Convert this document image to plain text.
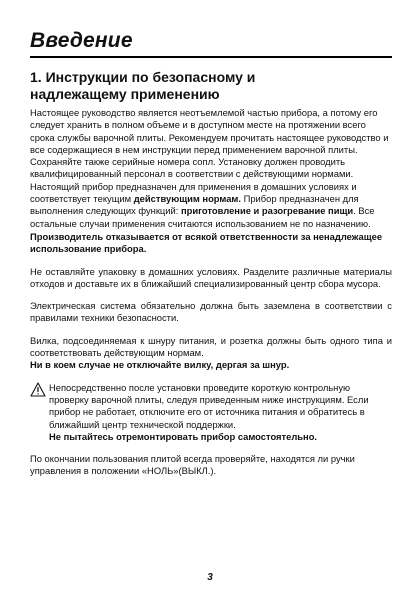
Введение
1. Инструкции по безопасному и
надлежащему применению

Настоящее руководство является неотъемлемой частью прибора, а потому его следует хранить в полном объеме и в доступном месте на протяжении всего срока службы варочной плиты. Рекомендуем прочитать настоящее руководство и все содержащиеся в нем инструкции перед применением варочной плиты. Сохраняйте также серийные номера сопл. Установку должен проводить квалифицированный персонал в соответствии с действующими нормами. Настоящий прибор предназначен для применения в домашних условиях и соответствует текущим действующим нормам. Прибор предназначен для выполнения следующих функций: приготовление и разогревание пищи. Все остальные случаи применения считаются использованием не по назначению.

Производитель отказывается от всякой ответственности за ненадлежащее использование прибора.

Не оставляйте упаковку в домашних условиях. Разделите различные материалы отходов и доставьте их в ближайший специализированный центр сбора мусора.

Электрическая система обязательно должна быть заземлена в соответствии с правилами техники безопасности.

Вилка, подсоединяемая к шнуру питания, и розетка должны быть одного типа и соответствовать действующим нормам.

Ни в коем случае не отключайте вилку, дергая за шнур.

Непосредственно после установки проведите короткую контрольную проверку варочной плиты, следуя приведенным ниже инструкциям. Если прибор не работает, отключите его от источника питания и обратитесь в ближайший центр технической поддержки.

Не пытайтесь отремонтировать прибор самостоятельно.

По окончании пользования плитой всегда проверяйте, находятся ли ручки управления в положении «НОЛЬ»(ВЫКЛ.).

3
